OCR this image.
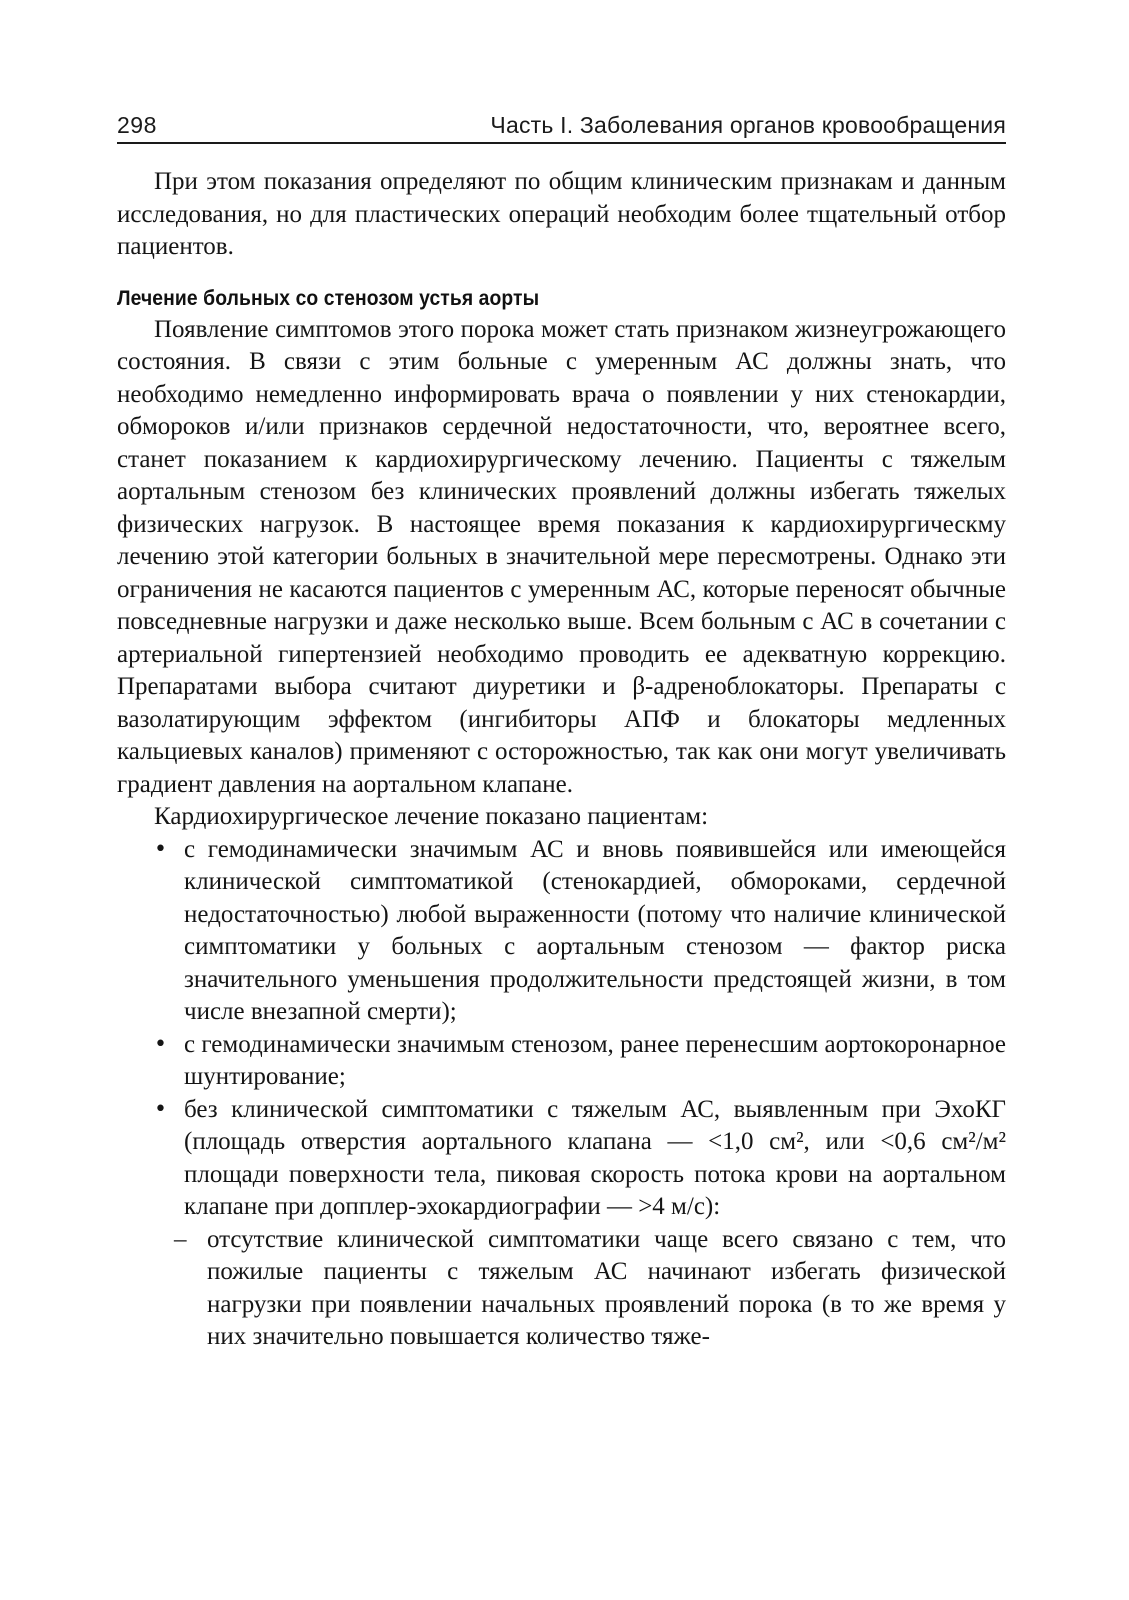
298	Часть I. Заболевания органов кровообращения

При этом показания определяют по общим клиническим признакам и данным исследования, но для пластических операций необходим более тщательный отбор пациентов.

Лечение больных со стенозом устья аорты

Появление симптомов этого порока может стать признаком жизнеугрожающего состояния. В связи с этим больные с умеренным АС должны знать, что необходимо немедленно информировать врача о появлении у них стенокардии, обмороков и/или признаков сердечной недостаточности, что, вероятнее всего, станет показанием к кардиохирургическому лечению. Пациенты с тяжелым аортальным стенозом без клинических проявлений должны избегать тяжелых физических нагрузок. В настоящее время показания к кардиохирургическму лечению этой категории больных в значительной мере пересмотрены. Однако эти ограничения не касаются пациентов с умеренным АС, которые переносят обычные повседневные нагрузки и даже несколько выше. Всем больным с АС в сочетании с артериальной гипертензией необходимо проводить ее адекватную коррекцию. Препаратами выбора считают диуретики и β-адреноблокаторы. Препараты с вазолатирующим эффектом (ингибиторы АПФ и блокаторы медленных кальциевых каналов) применяют с осторожностью, так как они могут увеличивать градиент давления на аортальном клапане.

Кардиохирургическое лечение показано пациентам:

• с гемодинамически значимым АС и вновь появившейся или имеющейся клинической симптоматикой (стенокардией, обмороками, сердечной недостаточностью) любой выраженности (потому что наличие клинической симптоматики у больных с аортальным стенозом — фактор риска значительного уменьшения продолжительности предстоящей жизни, в том числе внезапной смерти);
• с гемодинамически значимым стенозом, ранее перенесшим аортокоронарное шунтирование;
• без клинической симптоматики с тяжелым АС, выявленным при ЭхоКГ (площадь отверстия аортального клапана — <1,0 см², или <0,6 см²/м² площади поверхности тела, пиковая скорость потока крови на аортальном клапане при допплер-эхокардиографии — >4 м/с):
– отсутствие клинической симптоматики чаще всего связано с тем, что пожилые пациенты с тяжелым АС начинают избегать физической нагрузки при появлении начальных проявлений порока (в то же время у них значительно повышается количество тяже-
